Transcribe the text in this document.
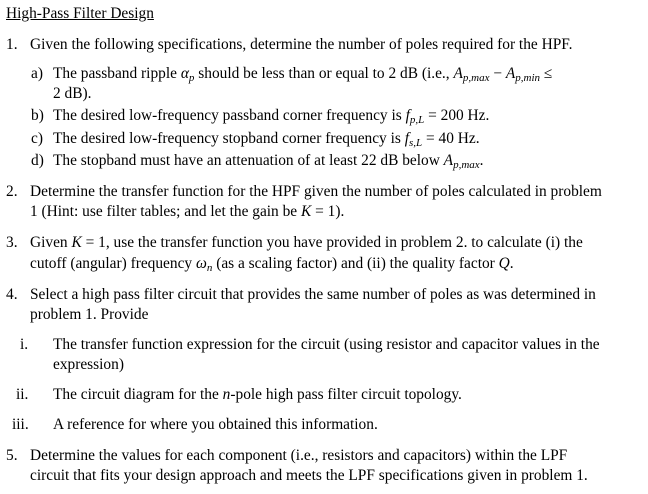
High-Pass Filter Design
1. Given the following specifications, determine the number of poles required for the HPF.
a) The passband ripple $\alpha_p$ should be less than or equal to 2 dB (i.e., $A_{p,max} - A_{p,min}$ ≤
2 dB).
b) The desired low-frequency passband corner frequency is $f_{p,L} = 200$ Hz.
c) The desired low-frequency stopband corner frequency is $f_{s,L} = 40$ Hz.
d) The stopband must have an attenuation of at least 22 dB below $A_{p,max}$.
2. Determine the transfer function for the HPF given the number of poles calculated in problem
1 (Hint: use filter tables; and let the gain be K = 1).
3. Given K = 1, use the transfer function you have provided in problem 2. to calculate (i) the
cutoff (angular) frequency $\omega_n$ (as a scaling factor) and (ii) the quality factor Q.
4. Select a high pass filter circuit that provides the same number of poles as was determined in
problem 1. Provide
i. The transfer function expression for the circuit (using resistor and capacitor values in the
expression)
ii. The circuit diagram for the n-pole high pass filter circuit topology.
iii. A reference for where you obtained this information.
5. Determine the values for each component (i.e., resistors and capacitors) within the LPF
circuit that fits your design approach and meets the LPF specifications given in problem 1.
